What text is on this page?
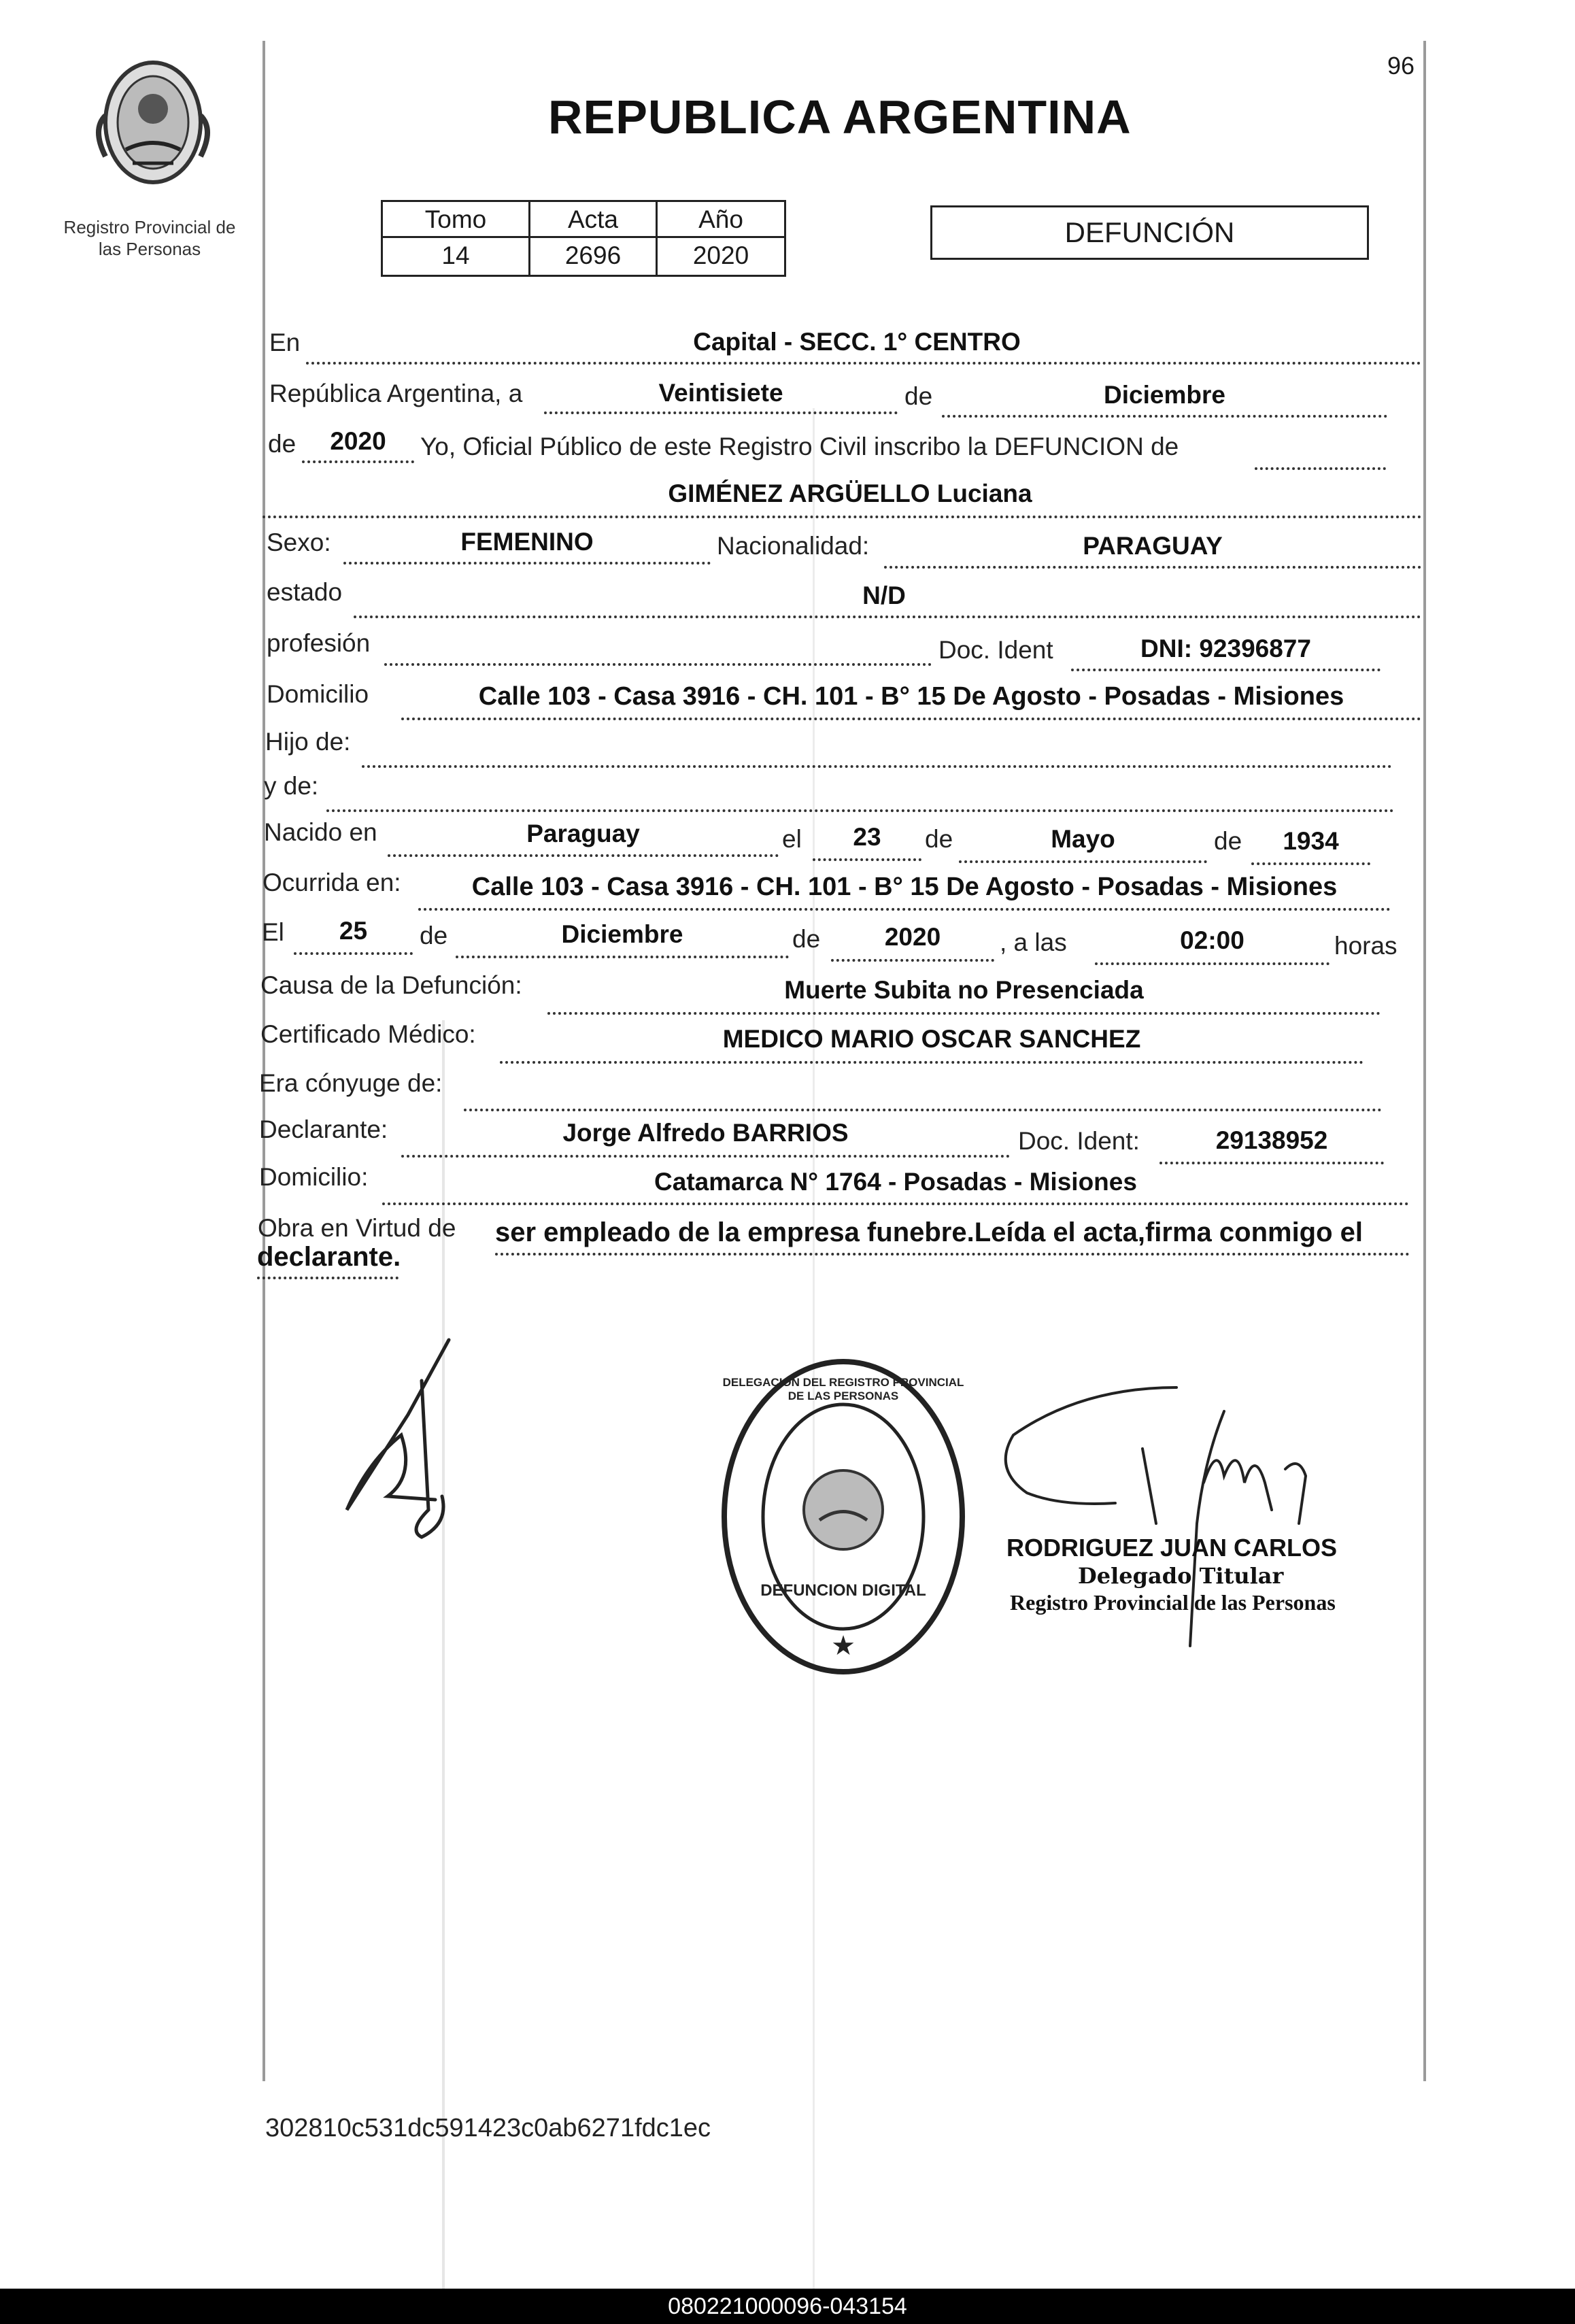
96
Registro Provincial de
las Personas
REPUBLICA ARGENTINA
Tomo	Acta	Año
14	2696	2020
DEFUNCIÓN
En	Capital - SECC. 1° CENTRO
República Argentina, a	Veintisiete	de	Diciembre
de	2020	Yo, Oficial Público de este Registro Civil inscribo la DEFUNCION de
GIMÉNEZ ARGÜELLO Luciana
Sexo:	FEMENINO	Nacionalidad:	PARAGUAY
estado	N/D
profesión	Doc. Ident	DNI: 92396877
Domicilio	Calle 103 - Casa 3916 - CH. 101 - B° 15 De Agosto - Posadas - Misiones
Hijo de:
y de:
Nacido en	Paraguay	el	23	de	Mayo	de	1934
Ocurrida en:	Calle 103 - Casa 3916 - CH. 101 - B° 15 De Agosto - Posadas - Misiones
El	25	de	Diciembre	de	2020	, a las	02:00	horas
Causa de la Defunción:	Muerte Subita no Presenciada
Certificado Médico:	MEDICO MARIO OSCAR SANCHEZ
Era cónyuge de:
Declarante:	Jorge Alfredo BARRIOS	Doc. Ident:	29138952
Domicilio:	Catamarca N° 1764 - Posadas - Misiones
Obra en Virtud de ser empleado de la empresa funebre.Leída el acta,firma conmigo el
declarante.
★
DELEGACION DEL REGISTRO PROVINCIAL DE LAS PERSONAS
DEFUNCION DIGITAL
RODRIGUEZ JUAN CARLOS
Delegado Titular
Registro Provincial de las Personas
302810c531dc591423c0ab6271fdc1ec
080221000096-043154
